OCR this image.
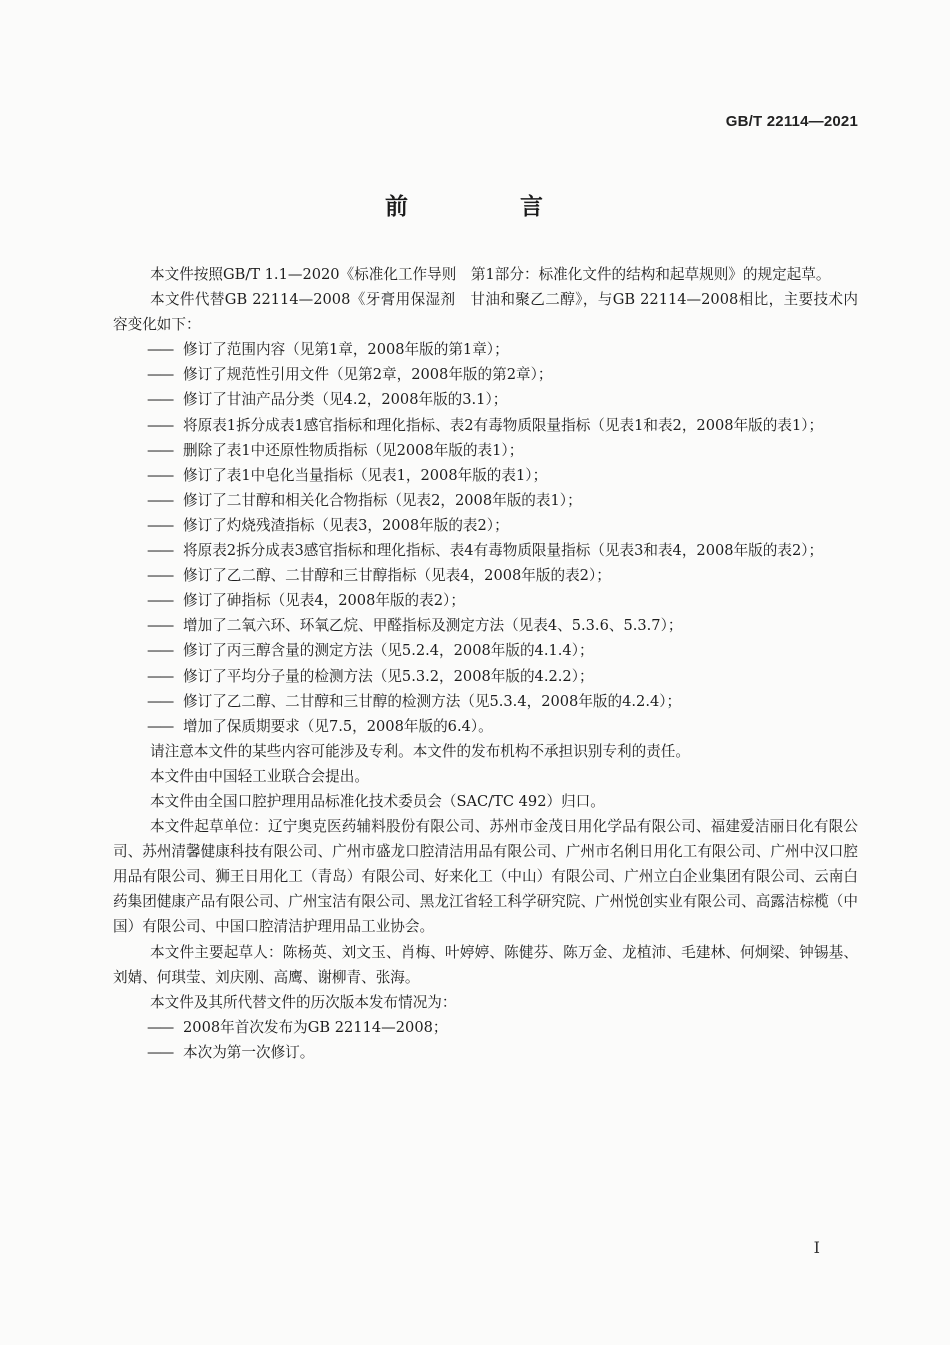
GB/T 22114—2021
前 言

本文件按照GB/T 1.1—2020《标准化工作导则　第1部分：标准化文件的结构和起草规则》的规定起草。

本文件代替GB 22114—2008《牙膏用保湿剂　甘油和聚乙二醇》，与GB 22114—2008相比，主要技术内容变化如下：

—— 修订了范围内容（见第1章，2008年版的第1章）；

—— 修订了规范性引用文件（见第2章，2008年版的第2章）；

—— 修订了甘油产品分类（见4.2，2008年版的3.1）；

—— 将原表1拆分成表1感官指标和理化指标、表2有毒物质限量指标（见表1和表2，2008年版的表1）；

—— 删除了表1中还原性物质指标（见2008年版的表1）；

—— 修订了表1中皂化当量指标（见表1，2008年版的表1）；

—— 修订了二甘醇和相关化合物指标（见表2，2008年版的表1）；

—— 修订了灼烧残渣指标（见表3，2008年版的表2）；

—— 将原表2拆分成表3感官指标和理化指标、表4有毒物质限量指标（见表3和表4，2008年版的表2）；

—— 修订了乙二醇、二甘醇和三甘醇指标（见表4，2008年版的表2）；

—— 修订了砷指标（见表4，2008年版的表2）；

—— 增加了二氧六环、环氧乙烷、甲醛指标及测定方法（见表4、5.3.6、5.3.7）；

—— 修订了丙三醇含量的测定方法（见5.2.4，2008年版的4.1.4）；

—— 修订了平均分子量的检测方法（见5.3.2，2008年版的4.2.2）；

—— 修订了乙二醇、二甘醇和三甘醇的检测方法（见5.3.4，2008年版的4.2.4）；

—— 增加了保质期要求（见7.5，2008年版的6.4）。

请注意本文件的某些内容可能涉及专利。本文件的发布机构不承担识别专利的责任。

本文件由中国轻工业联合会提出。

本文件由全国口腔护理用品标准化技术委员会（SAC/TC 492）归口。

本文件起草单位：辽宁奥克医药辅料股份有限公司、苏州市金茂日用化学品有限公司、福建爱洁丽日化有限公司、苏州清馨健康科技有限公司、广州市盛龙口腔清洁用品有限公司、广州市名俐日用化工有限公司、广州中汉口腔用品有限公司、狮王日用化工（青岛）有限公司、好来化工（中山）有限公司、广州立白企业集团有限公司、云南白药集团健康产品有限公司、广州宝洁有限公司、黑龙江省轻工科学研究院、广州悦创实业有限公司、高露洁棕榄（中国）有限公司、中国口腔清洁护理用品工业协会。

本文件主要起草人：陈杨英、刘文玉、肖梅、叶婷婷、陈健芬、陈万金、龙植沛、毛建林、何炯梁、钟锡基、刘婧、何琪莹、刘庆刚、高鹰、谢柳青、张海。

本文件及其所代替文件的历次版本发布情况为：

—— 2008年首次发布为GB 22114—2008；

—— 本次为第一次修订。

I
